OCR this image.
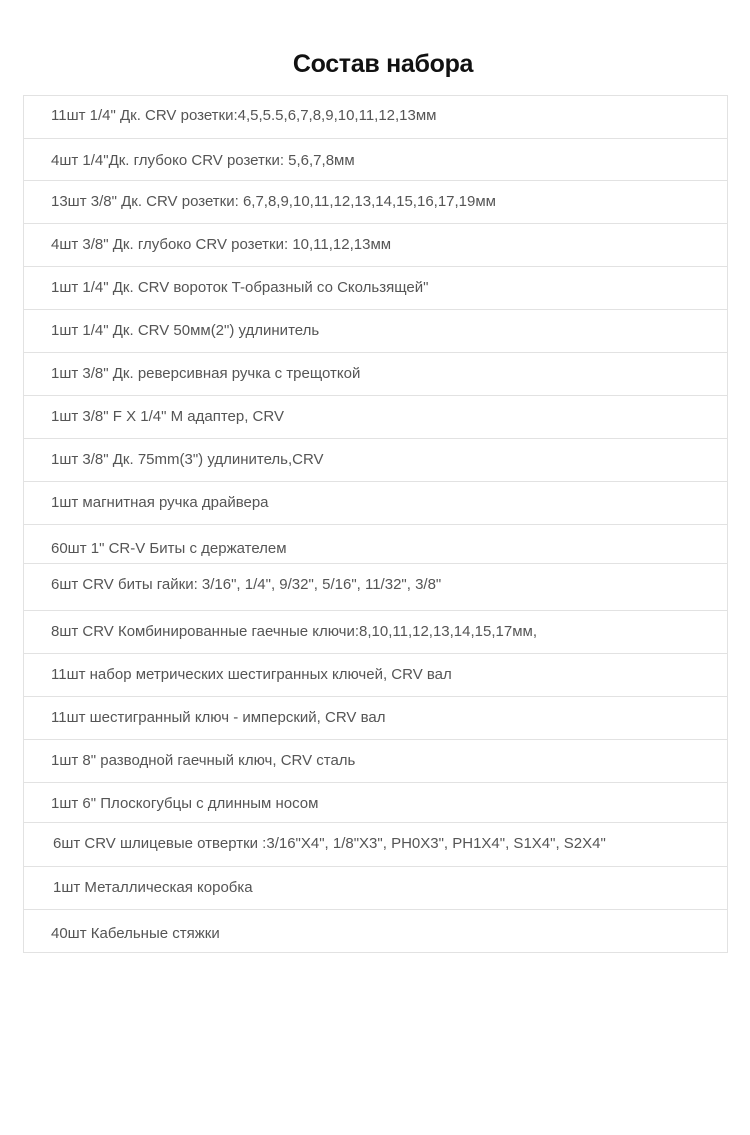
Состав набора
11шт 1/4" Дк. CRV розетки:4,5,5.5,6,7,8,9,10,11,12,13мм
4шт 1/4"Дк. глубоко CRV розетки: 5,6,7,8мм
13шт 3/8" Дк. CRV розетки: 6,7,8,9,10,11,12,13,14,15,16,17,19мм
4шт 3/8" Дк. глубоко CRV розетки: 10,11,12,13мм
1шт 1/4" Дк. CRV вороток T-образный со Скользящей"
1шт 1/4" Дк. CRV 50мм(2") удлинитель
1шт 3/8" Дк. реверсивная ручка с трещоткой
1шт 3/8" F X 1/4" M адаптер, CRV
1шт 3/8" Дк. 75mm(3") удлинитель,CRV
1шт магнитная ручка драйвера
60шт 1" CR-V Биты с держателем
6шт CRV биты гайки: 3/16", 1/4", 9/32", 5/16", 11/32", 3/8"
8шт CRV Комбинированные гаечные ключи:8,10,11,12,13,14,15,17мм,
11шт набор метрических шестигранных ключей, CRV вал
11шт шестигранный ключ - имперский, CRV вал
1шт 8" разводной гаечный ключ, CRV сталь
1шт 6" Плоскогубцы с длинным носом
6шт CRV шлицевые отвертки :3/16"X4", 1/8"X3", PH0X3", PH1X4", S1X4", S2X4"
1шт Металлическая коробка
40шт Кабельные стяжки
